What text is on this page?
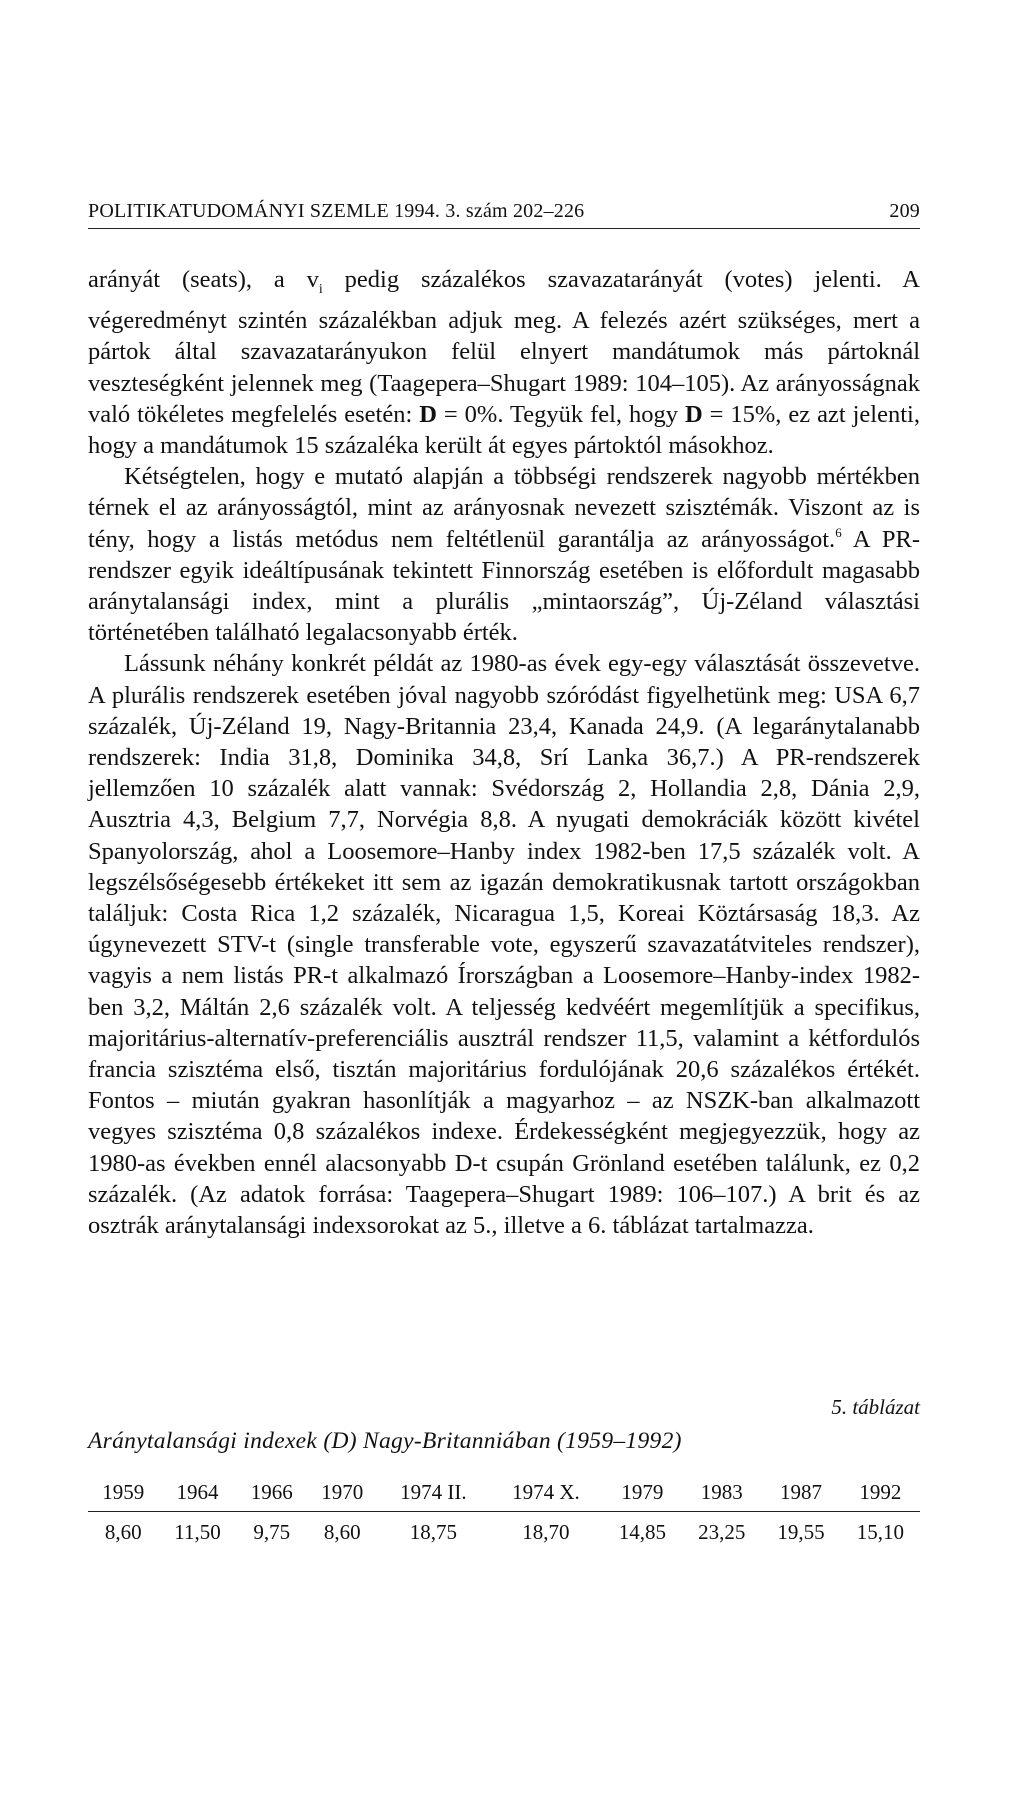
POLITIKATUDOMÁNYI SZEMLE 1994. 3. szám 202–226	209

arányát (seats), a $v_i$ pedig százalékos szavazatarányát (votes) jelenti. A végeredményt szintén százalékban adjuk meg. A felezés azért szükséges, mert a pártok által szavazatarányukon felül elnyert mandátumok más pártoknál veszteségként jelennek meg (Taagepera–Shugart 1989: 104–105). Az arányosságnak való tökéletes megfelelés esetén: D = 0%. Tegyük fel, hogy D = 15%, ez azt jelenti, hogy a mandátumok 15 százaléka került át egyes pártoktól másokhoz.

Kétségtelen, hogy e mutató alapján a többségi rendszerek nagyobb mértékben térnek el az arányosságtól, mint az arányosnak nevezett szisztémák. Viszont az is tény, hogy a listás metódus nem feltétlenül garantálja az arányosságot.$^6$ A PR-rendszer egyik ideáltípusának tekintett Finnország esetében is előfordult magasabb aránytalansági index, mint a plurális „mintaország”, Új-Zéland választási történetében található legalacsonyabb érték.

Lássunk néhány konkrét példát az 1980-as évek egy-egy választását összevetve. A plurális rendszerek esetében jóval nagyobb szóródást figyelhetünk meg: USA 6,7 százalék, Új-Zéland 19, Nagy-Britannia 23,4, Kanada 24,9. (A legaránytalanabb rendszerek: India 31,8, Dominika 34,8, Srí Lanka 36,7.) A PR-rendszerek jellemzően 10 százalék alatt vannak: Svédország 2, Hollandia 2,8, Dánia 2,9, Ausztria 4,3, Belgium 7,7, Norvégia 8,8. A nyugati demokráciák között kivétel Spanyolország, ahol a Loosemore–Hanby index 1982-ben 17,5 százalék volt. A legszélsőségesebb értékeket itt sem az igazán demokratikusnak tartott országokban találjuk: Costa Rica 1,2 százalék, Nicaragua 1,5, Koreai Köztársaság 18,3. Az úgynevezett STV-t (single transferable vote, egyszerű szavazatátviteles rendszer), vagyis a nem listás PR-t alkalmazó Írországban a Loosemore–Hanby-index 1982-ben 3,2, Máltán 2,6 százalék volt. A teljesség kedvéért megemlítjük a specifikus, majoritárius-alternatív-preferenciális ausztrál rendszer 11,5, valamint a kétfordulós francia szisztéma első, tisztán majoritárius fordulójának 20,6 százalékos értékét. Fontos – miután gyakran hasonlítják a magyarhoz – az NSZK-ban alkalmazott vegyes szisztéma 0,8 százalékos indexe. Érdekességként megjegyezzük, hogy az 1980-as években ennél alacsonyabb D-t csupán Grönland esetében találunk, ez 0,2 százalék. (Az adatok forrása: Taagepera–Shugart 1989: 106–107.) A brit és az osztrák aránytalansági indexsorokat az 5., illetve a 6. táblázat tartalmazza.

5. táblázat
Aránytalansági indexek (D) Nagy-Britanniában (1959–1992)
1959	1964	1966	1970	1974 II.	1974 X.	1979	1983	1987	1992
8,60	11,50	9,75	8,60	18,75	18,70	14,85	23,25	19,55	15,10
